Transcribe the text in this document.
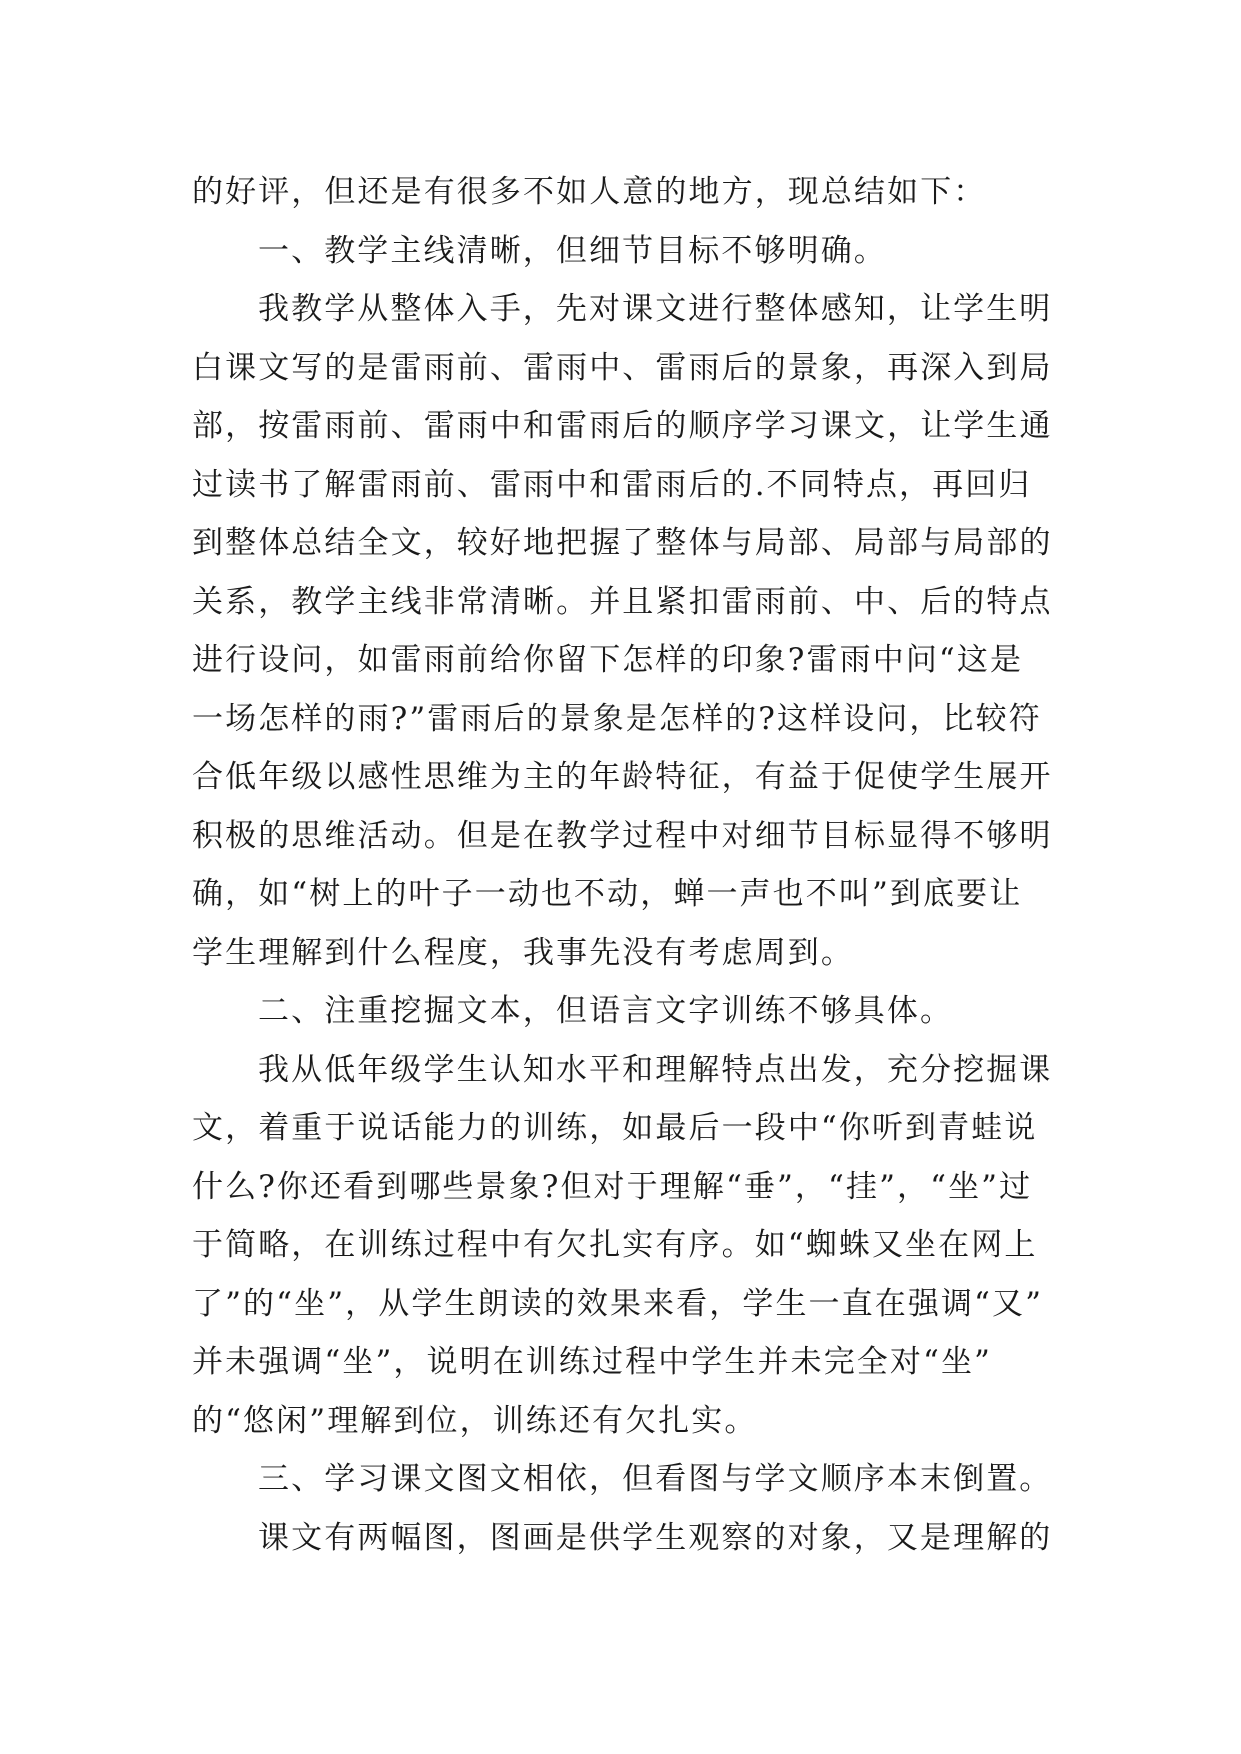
的好评，但还是有很多不如人意的地方，现总结如下：
一、教学主线清晰，但细节目标不够明确。
我教学从整体入手，先对课文进行整体感知，让学生明
白课文写的是雷雨前、雷雨中、雷雨后的景象，再深入到局
部，按雷雨前、雷雨中和雷雨后的顺序学习课文，让学生通
过读书了解雷雨前、雷雨中和雷雨后的.不同特点，再回归
到整体总结全文，较好地把握了整体与局部、局部与局部的
关系，教学主线非常清晰。并且紧扣雷雨前、中、后的特点
进行设问，如雷雨前给你留下怎样的印象?雷雨中问“这是
一场怎样的雨?”雷雨后的景象是怎样的?这样设问，比较符
合低年级以感性思维为主的年龄特征，有益于促使学生展开
积极的思维活动。但是在教学过程中对细节目标显得不够明
确，如“树上的叶子一动也不动，蝉一声也不叫”到底要让
学生理解到什么程度，我事先没有考虑周到。
二、注重挖掘文本，但语言文字训练不够具体。
我从低年级学生认知水平和理解特点出发，充分挖掘课
文，着重于说话能力的训练，如最后一段中“你听到青蛙说
什么?你还看到哪些景象?但对于理解“垂”，“挂”，“坐”过
于简略，在训练过程中有欠扎实有序。如“蜘蛛又坐在网上
了”的“坐”，从学生朗读的效果来看，学生一直在强调“又”
并未强调“坐”，说明在训练过程中学生并未完全对“坐”
的“悠闲”理解到位，训练还有欠扎实。
三、学习课文图文相依，但看图与学文顺序本末倒置。
课文有两幅图，图画是供学生观察的对象，又是理解的
